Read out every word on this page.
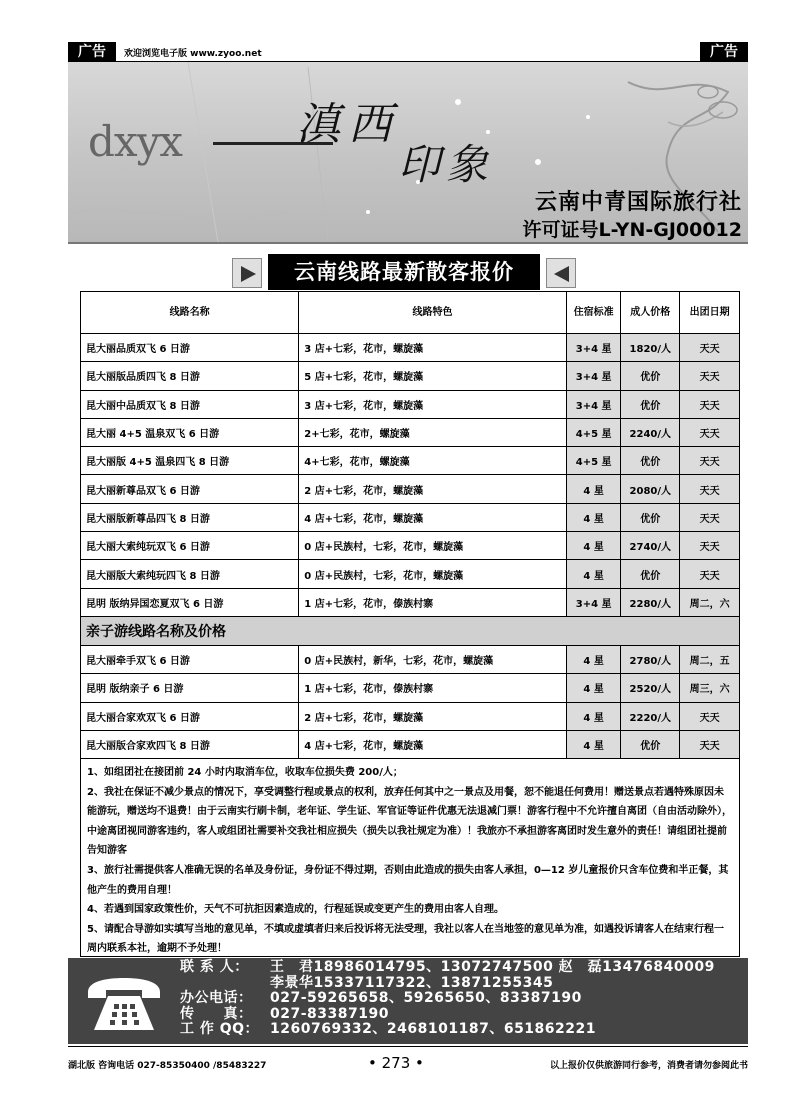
广告	欢迎浏览电子版 www.zyoo.net	广告
dxyx	滇西
印象
云南中青国际旅行社
许可证号L-YN-GJ00012
云南线路最新散客报价
线路名称	线路特色	住宿标准	成人价格	出团日期
昆大丽品质双飞 6 日游	3 店+七彩，花市，螺旋藻	3+4 星	1820/人	天天
昆大丽版品质四飞 8 日游	5 店+七彩，花市，螺旋藻	3+4 星	优价	天天
昆大丽中品质双飞 8 日游	3 店+七彩，花市，螺旋藻	3+4 星	优价	天天
昆大丽 4+5 温泉双飞 6 日游	2+七彩，花市，螺旋藻	4+5 星	2240/人	天天
昆大丽版 4+5 温泉四飞 8 日游	4+七彩，花市，螺旋藻	4+5 星	优价	天天
昆大丽新尊品双飞 6 日游	2 店+七彩，花市，螺旋藻	4 星	2080/人	天天
昆大丽版新尊品四飞 8 日游	4 店+七彩，花市，螺旋藻	4 星	优价	天天
昆大丽大索纯玩双飞 6 日游	0 店+民族村，七彩，花市，螺旋藻	4 星	2740/人	天天
昆大丽版大索纯玩四飞 8 日游	0 店+民族村，七彩，花市，螺旋藻	4 星	优价	天天
昆明 版纳异国恋夏双飞 6 日游	1 店+七彩，花市，傣族村寨	3+4 星	2280/人	周二，六
亲子游线路名称及价格				
昆大丽牵手双飞 6 日游	0 店+民族村，新华，七彩，花市，螺旋藻	4 星	2780/人	周二，五
昆明 版纳亲子 6 日游	1 店+七彩，花市，傣族村寨	4 星	2520/人	周三，六
昆大丽合家欢双飞 6 日游	2 店+七彩，花市，螺旋藻	4 星	2220/人	天天
昆大丽版合家欢四飞 8 日游	4 店+七彩，花市，螺旋藻	4 星	优价	天天
1、如组团社在接团前 24 小时内取消车位，收取车位损失费 200/人；
2、我社在保证不减少景点的情况下，享受调整行程或景点的权利，放弃任何其中之一景点及用餐，恕不能退任何费用！赠送景点若遇特殊原因未能游玩，赠送均不退费！由于云南实行刷卡制，老年证、学生证、军官证等证件优惠无法退减门票！游客行程中不允许擅自离团（自由活动除外），中途离团视同游客违约，客人或组团社需要补交我社相应损失（损失以我社规定为准）！我旅亦不承担游客离团时发生意外的责任！请组团社提前告知游客
3、旅行社需提供客人准确无误的名单及身份证，身份证不得过期，否则由此造成的损失由客人承担，0—12 岁儿童报价只含车位费和半正餐，其他产生的费用自理！
4、若遇到国家政策性价，天气不可抗拒因素造成的，行程延误或变更产生的费用由客人自理。
5、请配合导游如实填写当地的意见单，不填或虚填者归来后投诉将无法受理，我社以客人在当地签的意见单为准，如遇投诉请客人在结束行程一周内联系本社，逾期不予处理！
联 系 人： 王　君18986014795、13072747500 赵　磊13476840009
李景华15337117322、13871255345
办公电话： 027-59265658、59265650、83387190
传　　真： 027-83387190
工 作 QQ： 1260769332、2468101187、651862221
湖北版 咨询电话 027-85350400 /85483227	• 273 •	以上报价仅供旅游同行参考，消费者请勿参阅此书
